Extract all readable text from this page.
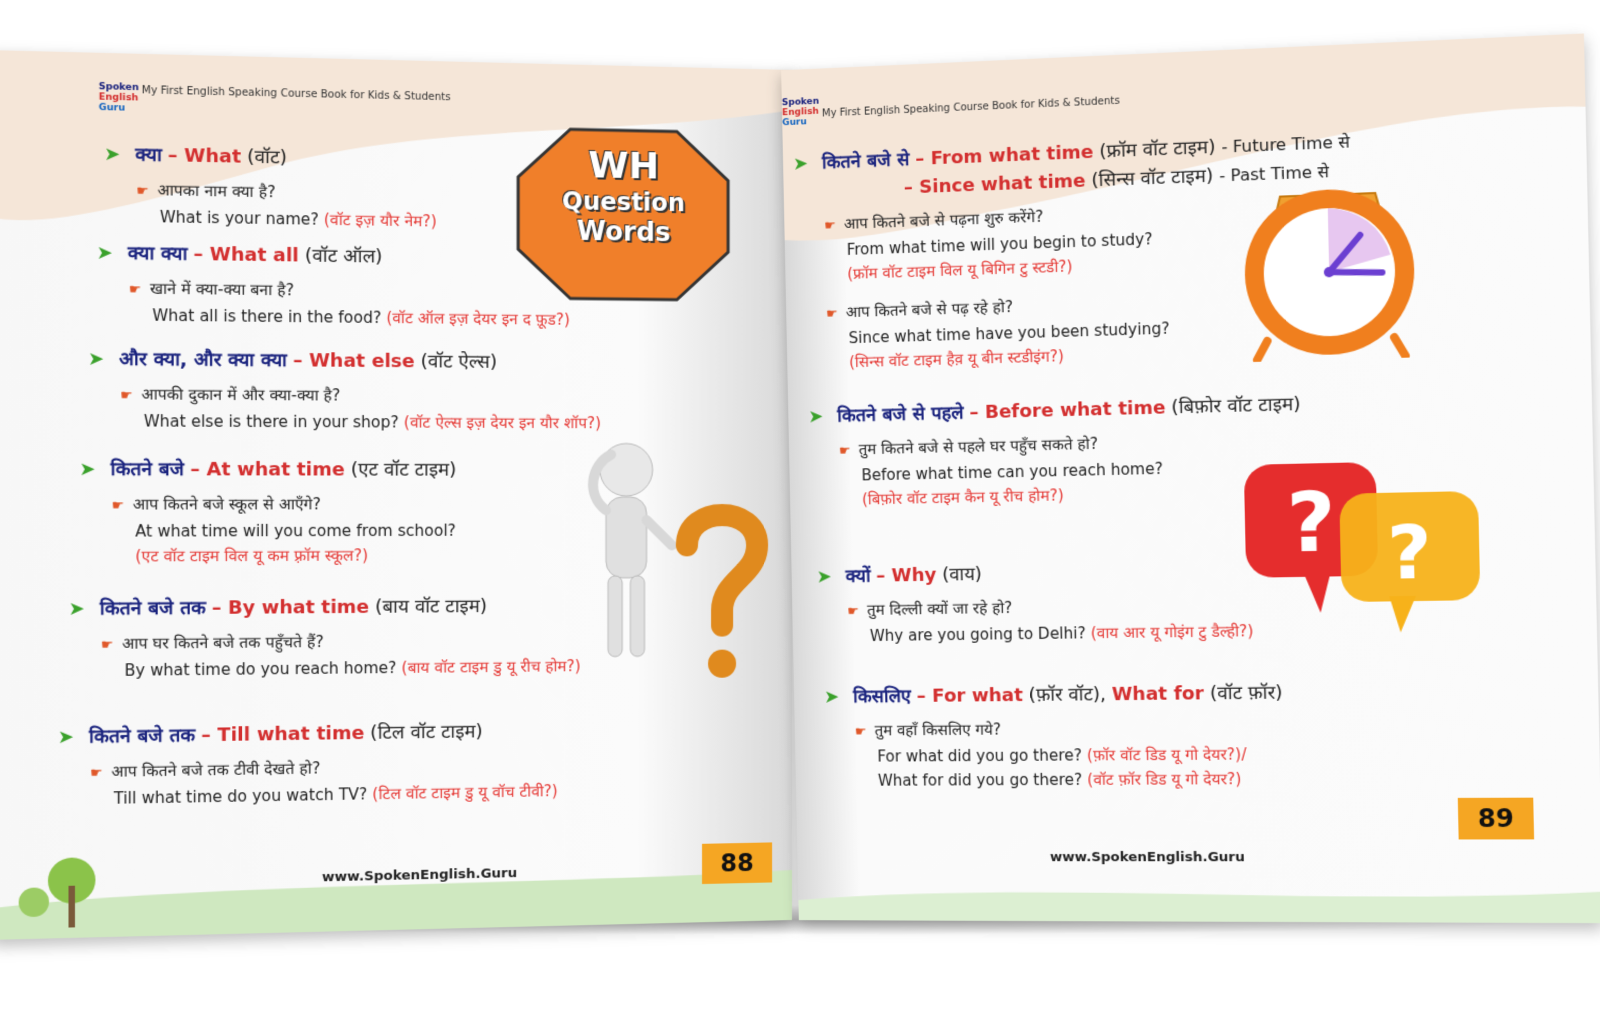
Spoken
English
Guru
My First English Speaking Course Book for Kids & Students
WH
Question
Words
➤ क्या – What (वॉट)
☛ आपका नाम क्या है?
What is your name? (वॉट इज़ यौर नेम?)
➤ क्या क्या – What all (वॉट ऑल)
☛ खाने में क्या-क्या बना है?
What all is there in the food? (वॉट ऑल इज़ देयर इन द फ़ूड?)
➤ और क्या, और क्या क्या – What else (वॉट ऐल्स)
☛ आपकी दुकान में और क्या-क्या है?
What else is there in your shop? (वॉट ऐल्स इज़ देयर इन यौर शॉप?)
➤ कितने बजे – At what time (एट वॉट टाइम)
☛ आप कितने बजे स्कूल से आएँगे?
At what time will you come from school?
(एट वॉट टाइम विल यू कम फ़्रॉम स्कूल?)
➤ कितने बजे तक – By what time (बाय वॉट टाइम)
☛ आप घर कितने बजे तक पहुँचते हैं?
By what time do you reach home? (बाय वॉट टाइम डु यू रीच होम?)
➤ कितने बजे तक – Till what time (टिल वॉट टाइम)
☛ आप कितने बजे तक टीवी देखते हो?
Till what time do you watch TV? (टिल वॉट टाइम डु यू वॉच टीवी?)
www.SpokenEnglish.Guru	88
Spoken
English
Guru
My First English Speaking Course Book for Kids & Students
➤ कितने बजे से – From what time (फ्रॉम वॉट टाइम) - Future Time से
– Since what time (सिन्स वॉट टाइम) - Past Time से
☛ आप कितने बजे से पढ़ना शुरु करेंगे?
From what time will you begin to study?
(फ्रॉम वॉट टाइम विल यू बिगिन टु स्टडी?)
☛ आप कितने बजे से पढ़ रहे हो?
Since what time have you been studying?
(सिन्स वॉट टाइम हैव़ यू बीन स्टडीइंग?)
➤ कितने बजे से पहले – Before what time (बिफ़ोर वॉट टाइम)
☛ तुम कितने बजे से पहले घर पहुँच सकते हो?
Before what time can you reach home?
(बिफ़ोर वॉट टाइम कैन यू रीच होम?)
➤ क्यों – Why (वाय)
☛ तुम दिल्ली क्यों जा रहे हो?
Why are you going to Delhi? (वाय आर यू गोइंग टु डैल्ही?)
➤ किसलिए – For what (फ़ॉर वॉट), What for (वॉट फ़ॉर)
☛ तुम वहाँ किसलिए गये?
For what did you go there? (फ़ॉर वॉट डिड यू गो देयर?)/
What for did you go there? (वॉट फ़ॉर डिड यू गो देयर?)
? ?
www.SpokenEnglish.Guru
89
